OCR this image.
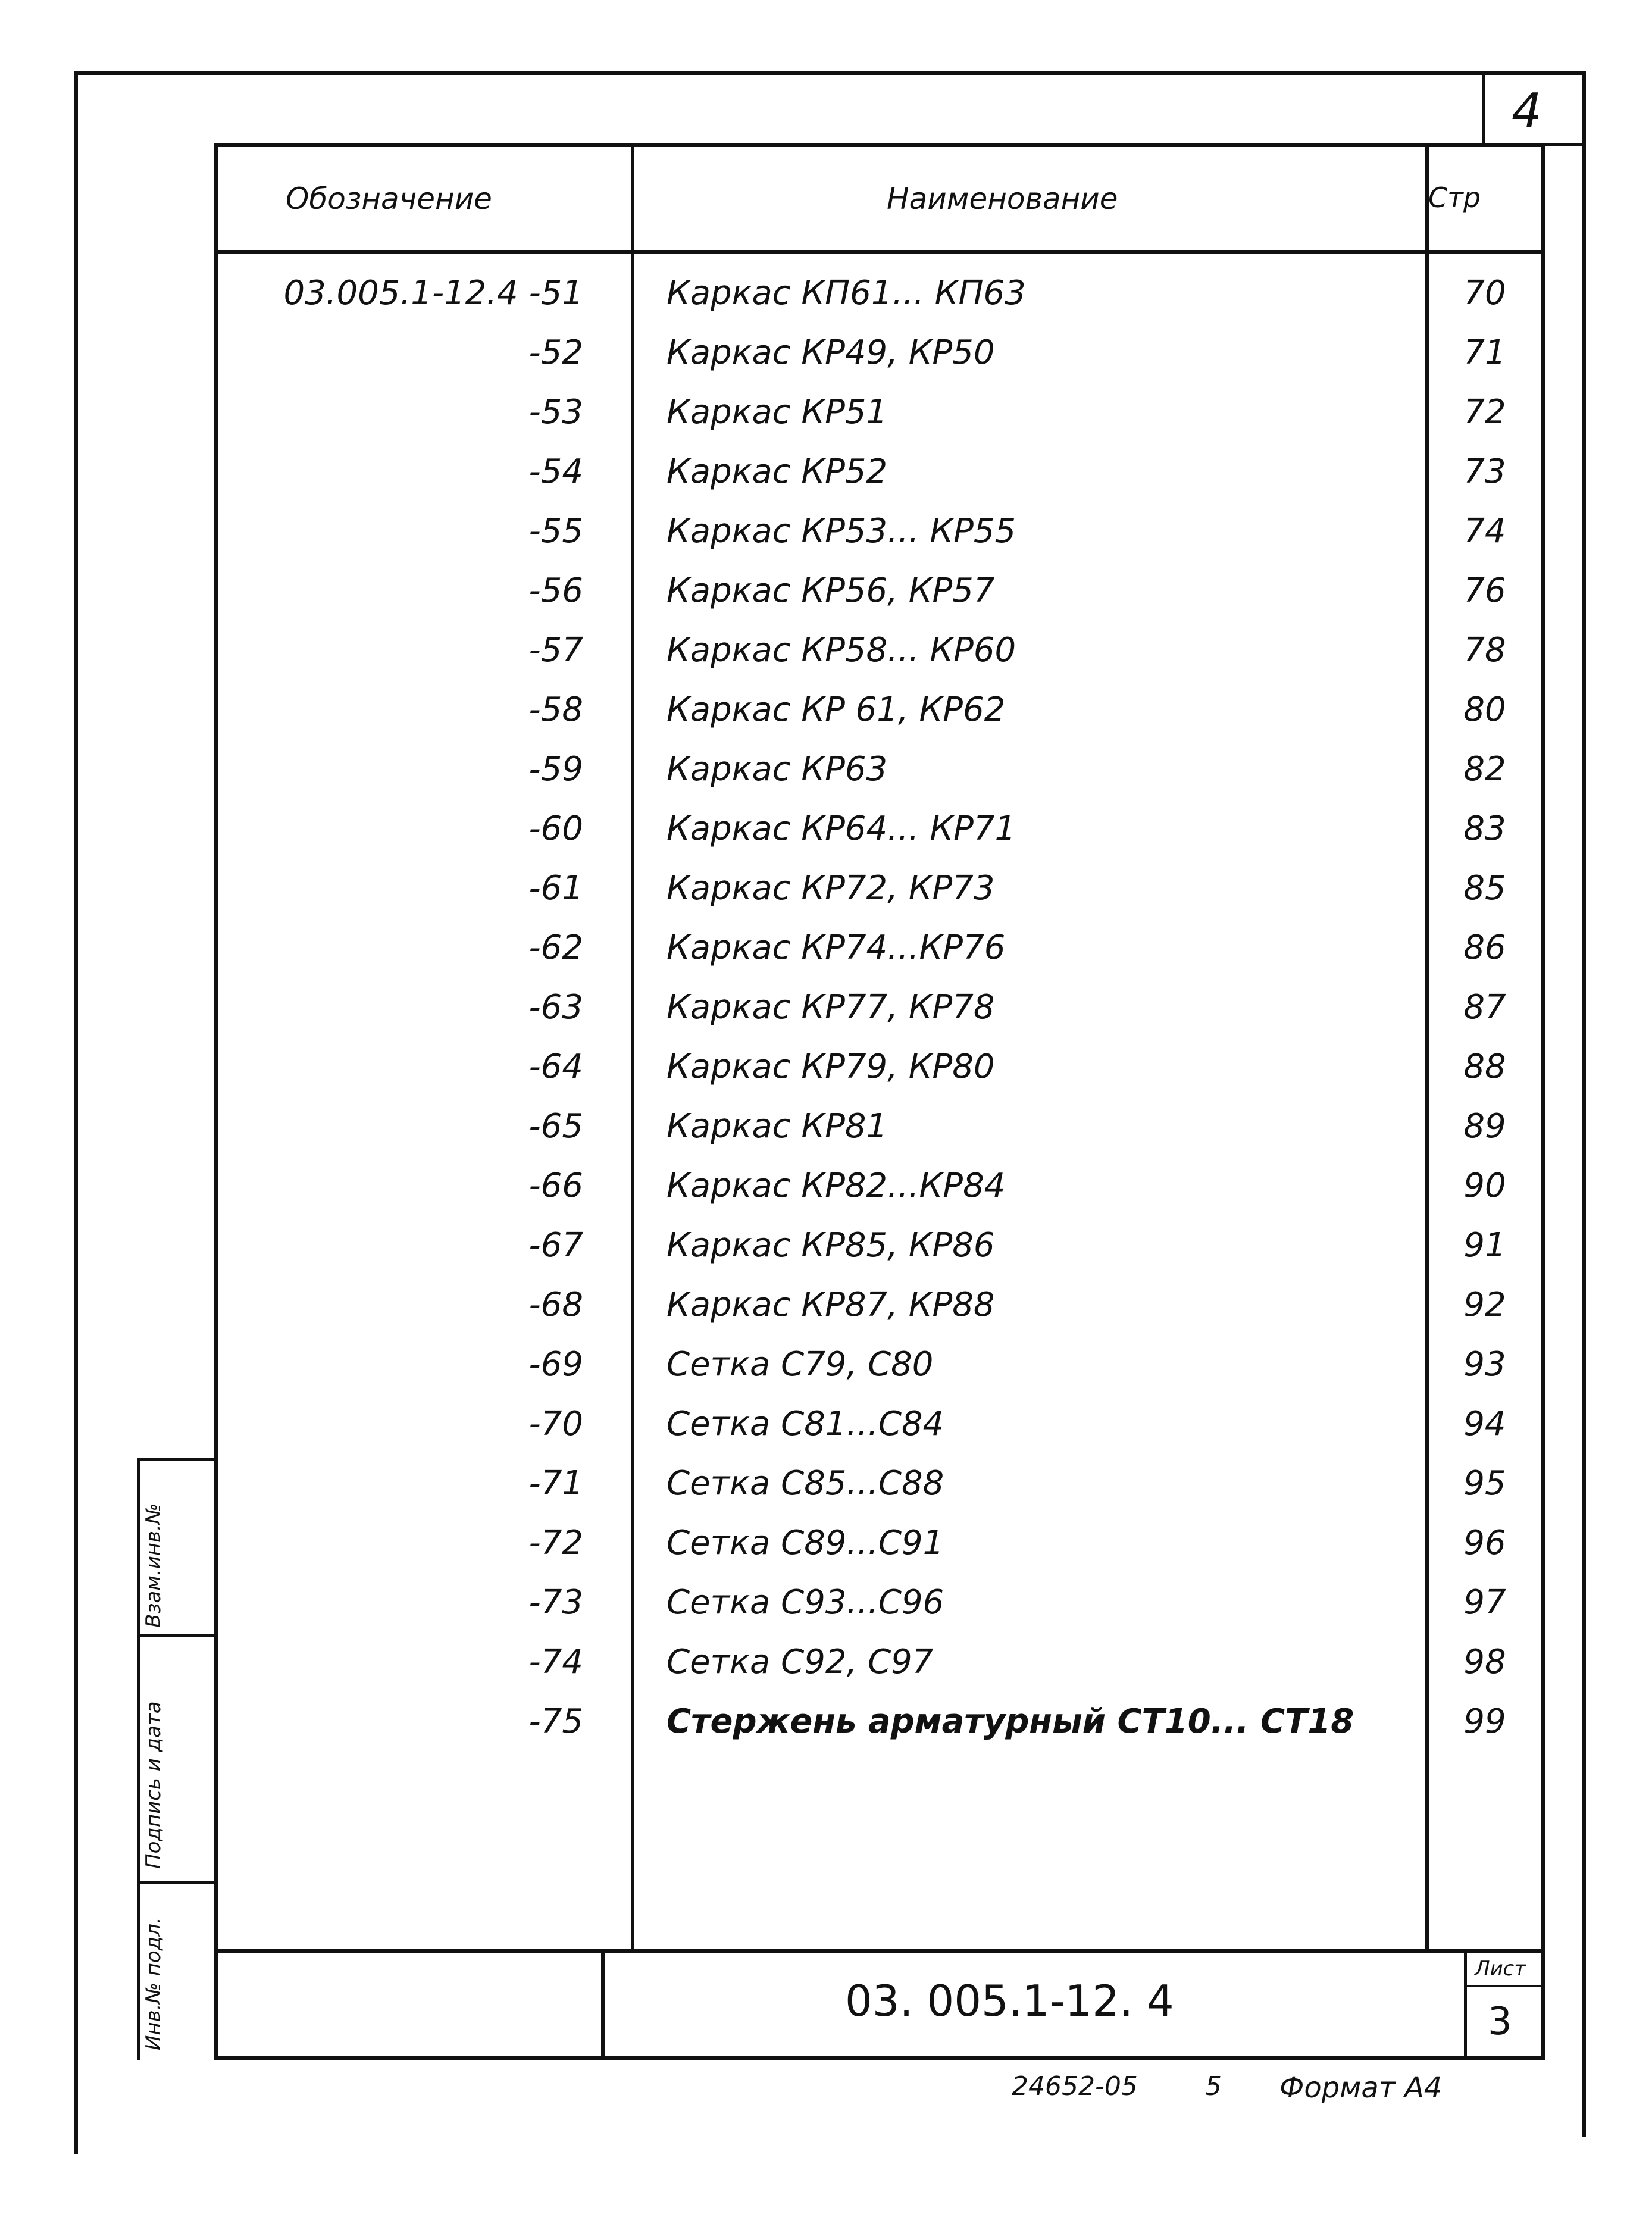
4
Взам.инв.№
Подпись и дата
Инв.№ подл.
Обозначение	Наименование	Стр
03.005.1-12.4 -51	Каркас КП61... КП63	70
-52	Каркас КР49, КР50	71
-53	Каркас КР51	72
-54	Каркас КР52	73
-55	Каркас КР53... КР55	74
-56	Каркас КР56, КР57	76
-57	Каркас КР58... КР60	78
-58	Каркас КР 61, КР62	80
-59	Каркас КР63	82
-60	Каркас КР64... КР71	83
-61	Каркас КР72, КР73	85
-62	Каркас КР74...КР76	86
-63	Каркас КР77, КР78	87
-64	Каркас КР79, КР80	88
-65	Каркас КР81	89
-66	Каркас КР82...КР84	90
-67	Каркас КР85, КР86	91
-68	Каркас КР87, КР88	92
-69	Сетка С79, С80	93
-70	Сетка С81...С84	94
-71	Сетка С85...С88	95
-72	Сетка С89...С91	96
-73	Сетка С93...С96	97
-74	Сетка С92, С97	98
-75	Стержень арматурный СТ10... СТ18	99
03. 005.1-12. 4
Лист
3
24652-05	5 Формат А4
